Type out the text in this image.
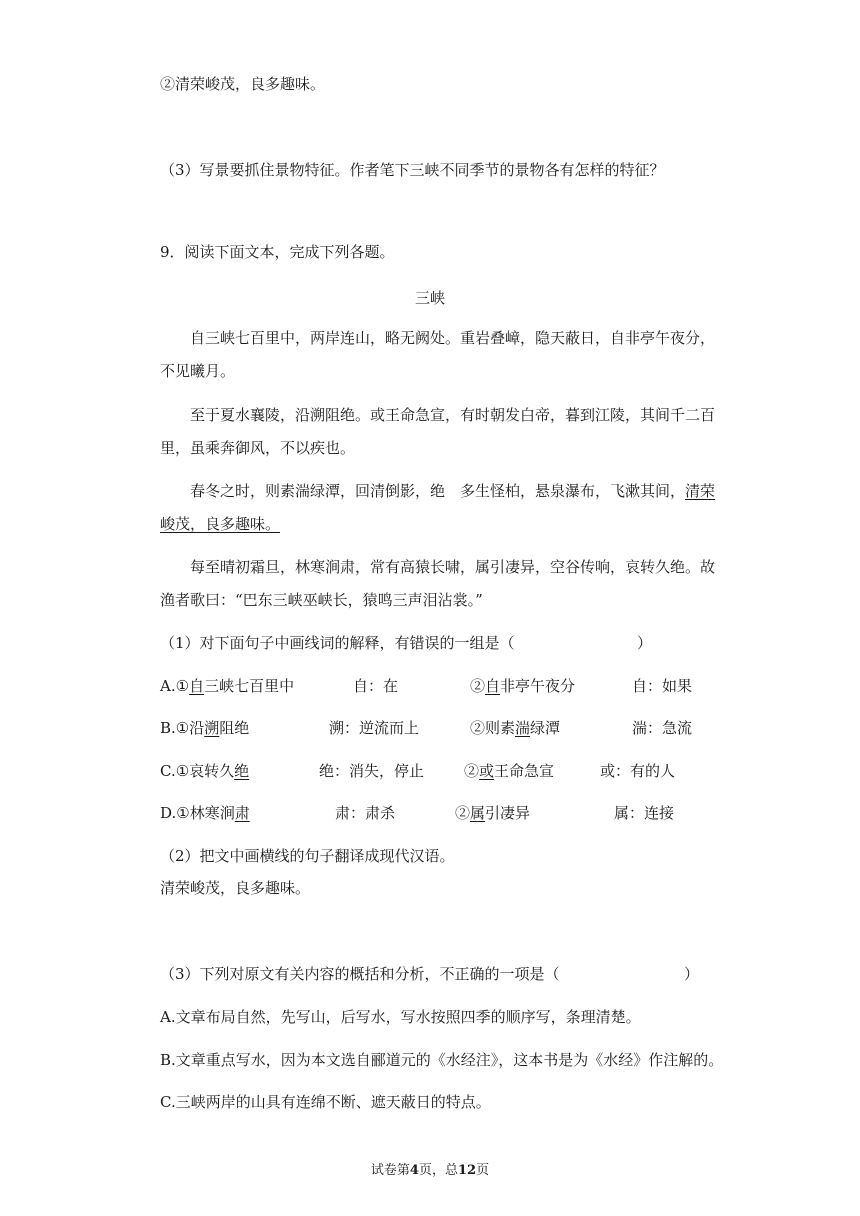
②清荣峻茂，良多趣味。
（3）写景要抓住景物特征。作者笔下三峡不同季节的景物各有怎样的特征？
9．阅读下面文本，完成下列各题。
三峡
自三峡七百里中，两岸连山，略无阙处。重岩叠嶂，隐天蔽日，自非亭午夜分，
不见曦月。
至于夏水襄陵，沿溯阻绝。或王命急宣，有时朝发白帝，暮到江陵，其间千二百
里，虽乘奔御风，不以疾也。
春冬之时，则素湍绿潭，回清倒影，绝　多生怪柏，悬泉瀑布，飞漱其间，清荣
峻茂，良多趣味。
每至晴初霜旦，林寒涧肃，常有高猿长啸，属引凄异，空谷传响，哀转久绝。故
渔者歌曰：“巴东三峡巫峡长，猿鸣三声泪沾裳。”
（1）对下面句子中画线词的解释，有错误的一组是（	）
A.①自三峡七百里中	自：在	②自非亭午夜分	自：如果
B.①沿溯阻绝	溯：逆流而上	②则素湍绿潭	湍：急流
C.①哀转久绝	绝：消失，停止	②或王命急宣	或：有的人
D.①林寒涧肃	肃：肃杀	②属引凄异	属：连接
（2）把文中画横线的句子翻译成现代汉语。
清荣峻茂，良多趣味。
（3）下列对原文有关内容的概括和分析，不正确的一项是（	）
A.文章布局自然，先写山，后写水，写水按照四季的顺序写，条理清楚。
B.文章重点写水，因为本文选自郦道元的《水经注》，这本书是为《水经》作注解的。
C.三峡两岸的山具有连绵不断、遮天蔽日的特点。
试卷第4页，总12页
